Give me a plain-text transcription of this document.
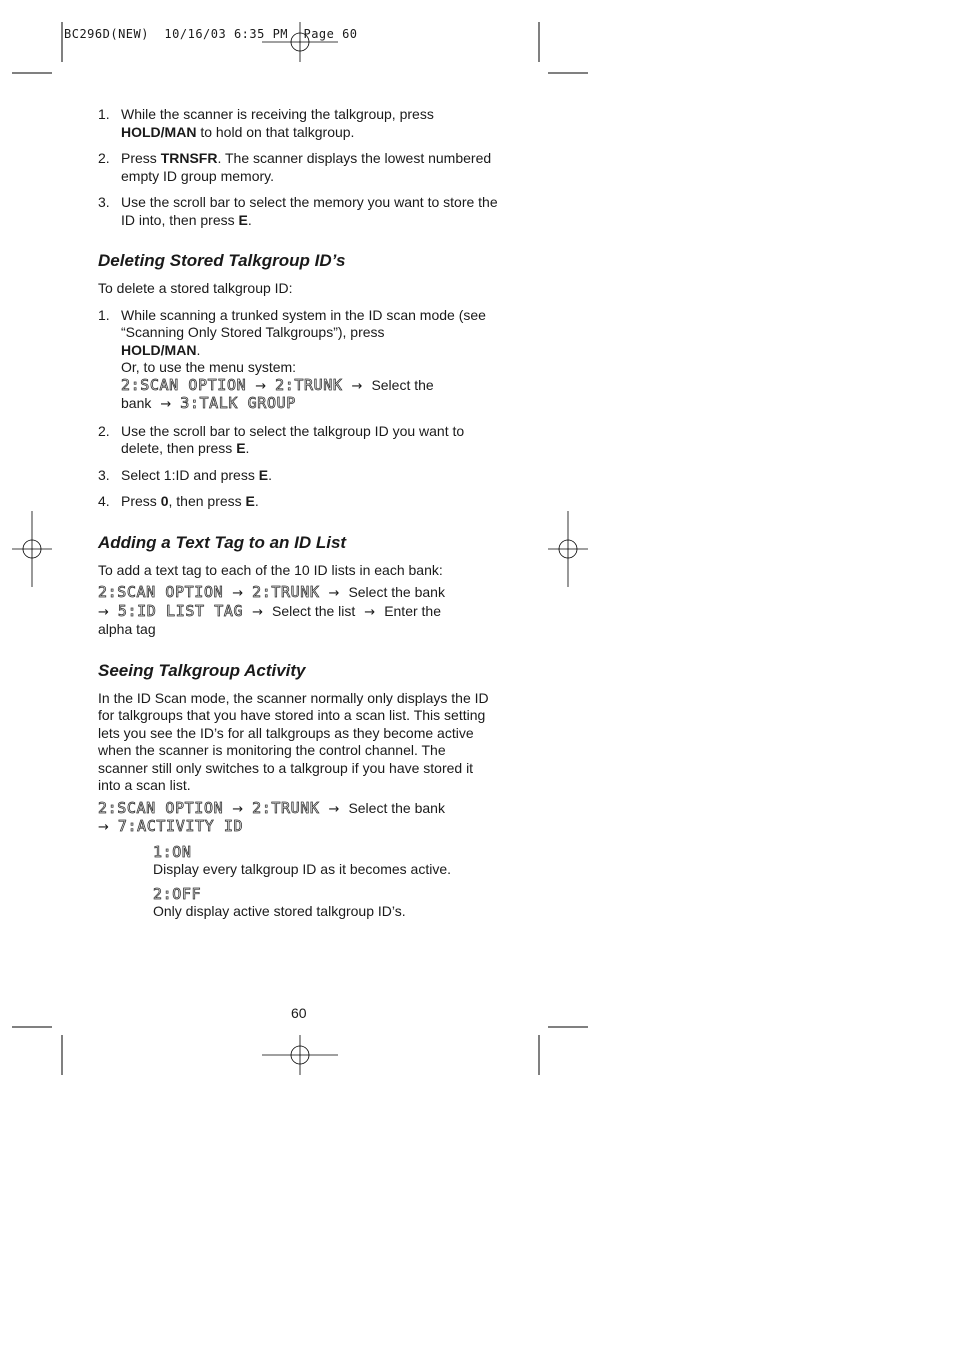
BC296D(NEW)  10/16/03 6:35 PM  Page 60
1. While the scanner is receiving the talkgroup, press
HOLD/MAN to hold on that talkgroup.
2. Press TRNSFR. The scanner displays the lowest numbered empty ID group memory.
3. Use the scroll bar to select the memory you want to store the ID into, then press E.
Deleting Stored Talkgroup ID’s

To delete a stored talkgroup ID:

1. While scanning a trunked system in the ID scan mode (see “Scanning Only Stored Talkgroups”), press
HOLD/MAN.
Or, to use the menu system:
2:SCAN OPTION → 2:TRUNK → Select the
bank → 3:TALK GROUP
2. Use the scroll bar to select the talkgroup ID you want to delete, then press E.
3. Select 1:ID and press E.
4. Press 0, then press E.
Adding a Text Tag to an ID List

To add a text tag to each of the 10 ID lists in each bank:

2:SCAN OPTION → 2:TRUNK → Select the bank
→ 5:ID LIST TAG → Select the list → Enter the
alpha tag

Seeing Talkgroup Activity

In the ID Scan mode, the scanner normally only displays the ID for talkgroups that you have stored into a scan list. This setting lets you see the ID’s for all talkgroups as they become active when the scanner is monitoring the control channel. The scanner still only switches to a talkgroup if you have stored it into a scan list.

2:SCAN OPTION → 2:TRUNK → Select the bank
→ 7:ACTIVITY ID

1:ON
Display every talkgroup ID as it becomes active.
2:OFF
Only display active stored talkgroup ID’s.
60
